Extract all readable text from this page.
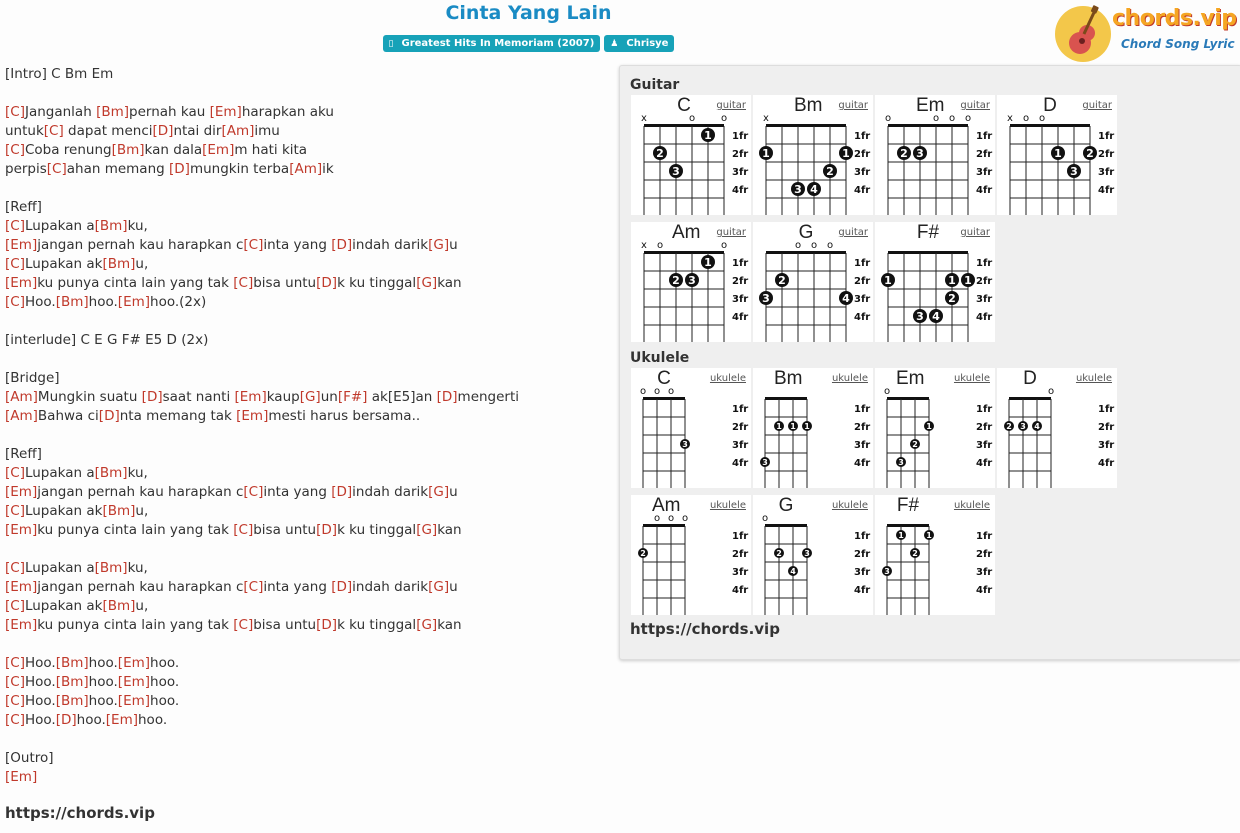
Cinta Yang Lain
▯ Greatest Hits In Memoriam (2007) ♟ Chrisye
chords.vip
Chord Song Lyric
[Intro] C Bm Em
[C]Janganlah [Bm]pernah kau [Em]harapkan aku
untuk[C] dapat menci[D]ntai dir[Am]imu
[C]Coba renung[Bm]kan dala[Em]m hati kita
perpis[C]ahan memang [D]mungkin terba[Am]ik
[Reff]
[C]Lupakan a[Bm]ku,
[Em]jangan pernah kau harapkan c[C]inta yang [D]indah darik[G]u
[C]Lupakan ak[Bm]u,
[Em]ku punya cinta lain yang tak [C]bisa untu[D]k ku tinggal[G]kan
[C]Hoo.[Bm]hoo.[Em]hoo.(2x)
[interlude] C E G F# E5 D (2x)
[Bridge]
[Am]Mungkin suatu [D]saat nanti [Em]kaup[G]un[F#] ak[E5]an [D]mengerti
[Am]Bahwa ci[D]nta memang tak [Em]mesti harus bersama..
[Reff]
[C]Lupakan a[Bm]ku,
[Em]jangan pernah kau harapkan c[C]inta yang [D]indah darik[G]u
[C]Lupakan ak[Bm]u,
[Em]ku punya cinta lain yang tak [C]bisa untu[D]k ku tinggal[G]kan
[C]Lupakan a[Bm]ku,
[Em]jangan pernah kau harapkan c[C]inta yang [D]indah darik[G]u
[C]Lupakan ak[Bm]u,
[Em]ku punya cinta lain yang tak [C]bisa untu[D]k ku tinggal[G]kan
[C]Hoo.[Bm]hoo.[Em]hoo.
[C]Hoo.[Bm]hoo.[Em]hoo.
[C]Hoo.[Bm]hoo.[Em]hoo.
[C]Hoo.[D]hoo.[Em]hoo.
[Outro]
[Em]
https://chords.vip
Guitar
Ukulele
1fr
2fr
3fr
4fr
x	o	o
2
3
1
C	guitar
1fr
2fr
3fr
4fr
x
1
3 4
2
1
Bm guitar
1fr
2fr
3fr
4fr
o	o o o
2 3
Em guitar
1fr
2fr
3fr
4fr
x o o
1
3
2
D	guitar
1fr
2fr
3fr
4fr
x o	o
2 3
1
Am guitar
1fr
2fr
3fr
4fr
o o o
3
2
4
G	guitar
1fr
2fr
3fr
4fr
1
3 4
2
1 1
F# guitar
1fr
2fr
3fr
4fr
o o o
3
C	ukulele
1fr
2fr
3fr
4fr
3
1 1 1
Bm	ukulele
1fr
2fr
3fr
4fr
o
3
2
1
Em	ukulele
1fr
2fr
3fr
4fr
o
2 3 4
D	ukulele
1fr
2fr
3fr
4fr
o o o
2
Am	ukulele
1fr
2fr
3fr
4fr
o
2
4
3
G	ukulele
1fr
2fr
3fr
4fr
3
1
2
1
F#	ukulele
https://chords.vip
